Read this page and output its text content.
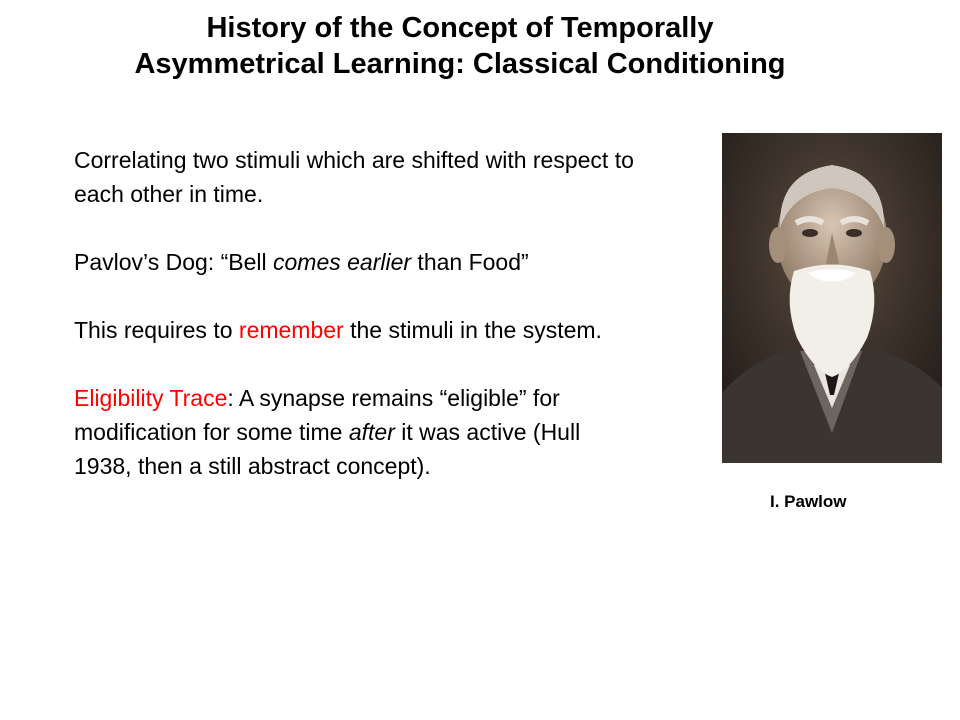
History of the Concept of Temporally
Asymmetrical Learning: Classical Conditioning

Correlating two stimuli which are shifted with respect to each other in time.

Pavlov’s Dog: “Bell comes earlier than Food”

This requires to remember the stimuli in the system.

Eligibility Trace: A synapse remains “eligible” for modification for some time after it was active (Hull 1938, then a still abstract concept).

I. Pawlow
